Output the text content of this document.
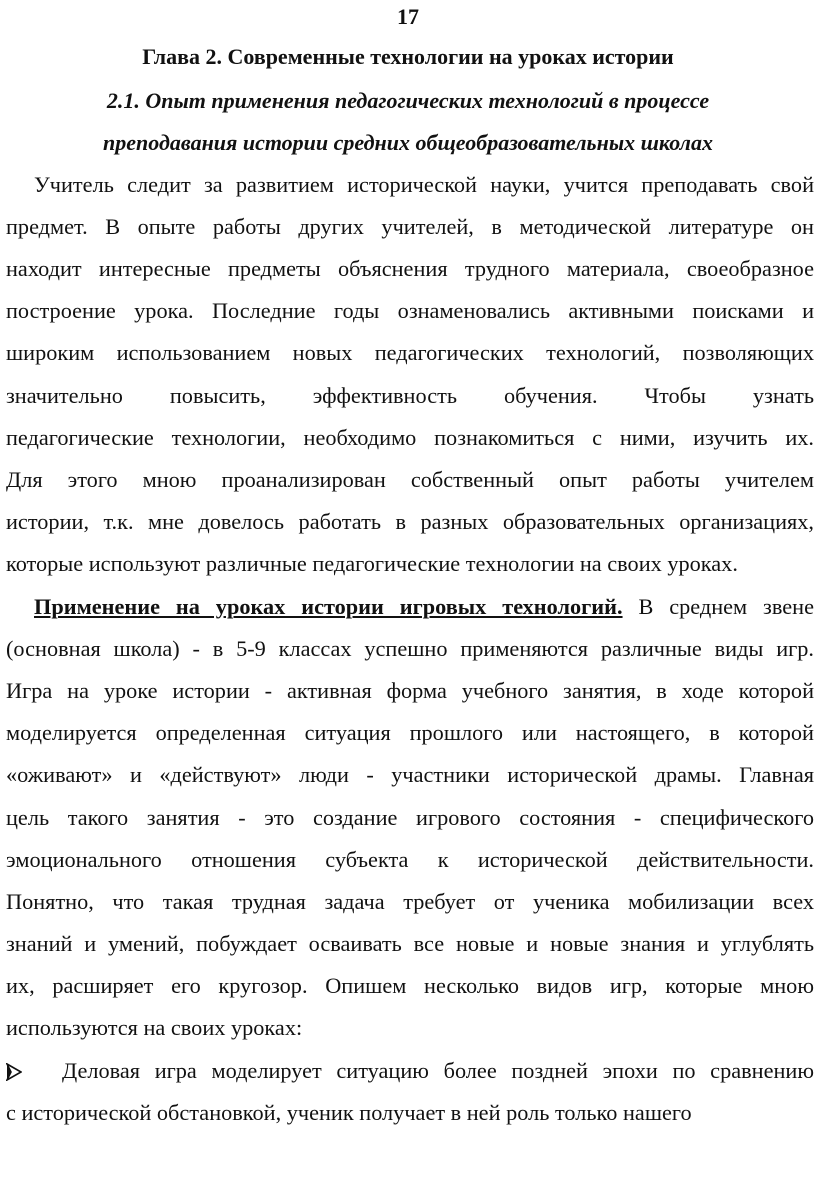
17
Глава 2. Современные технологии на уроках истории
2.1. Опыт применения педагогических технологий в процессе
преподавания истории средних общеобразовательных школах
Учитель следит за развитием исторической науки, учится преподавать свой
предмет. В опыте работы других учителей, в методической литературе он
находит интересные предметы объяснения трудного материала, своеобразное
построение урока. Последние годы ознаменовались активными поисками и
широким использованием новых педагогических технологий, позволяющих
значительно повысить, эффективность обучения. Чтобы узнать
педагогические технологии, необходимо познакомиться с ними, изучить их.
Для этого мною проанализирован собственный опыт работы учителем
истории, т.к. мне довелось работать в разных образовательных организациях,
которые используют различные педагогические технологии на своих уроках.
Применение на уроках истории игровых технологий. В среднем звене
(основная школа) - в 5-9 классах успешно применяются различные виды игр.
Игра на уроке истории - активная форма учебного занятия, в ходе которой
моделируется определенная ситуация прошлого или настоящего, в которой
«оживают» и «действуют» люди - участники исторической драмы. Главная
цель такого занятия - это создание игрового состояния - специфического
эмоционального отношения субъекта к исторической действительности.
Понятно, что такая трудная задача требует от ученика мобилизации всех
знаний и умений, побуждает осваивать все новые и новые знания и углублять
их, расширяет его кругозор. Опишем несколько видов игр, которые мною
используются на своих уроках:
Деловая игра моделирует ситуацию более поздней эпохи по сравнению
с исторической обстановкой, ученик получает в ней роль только нашего
